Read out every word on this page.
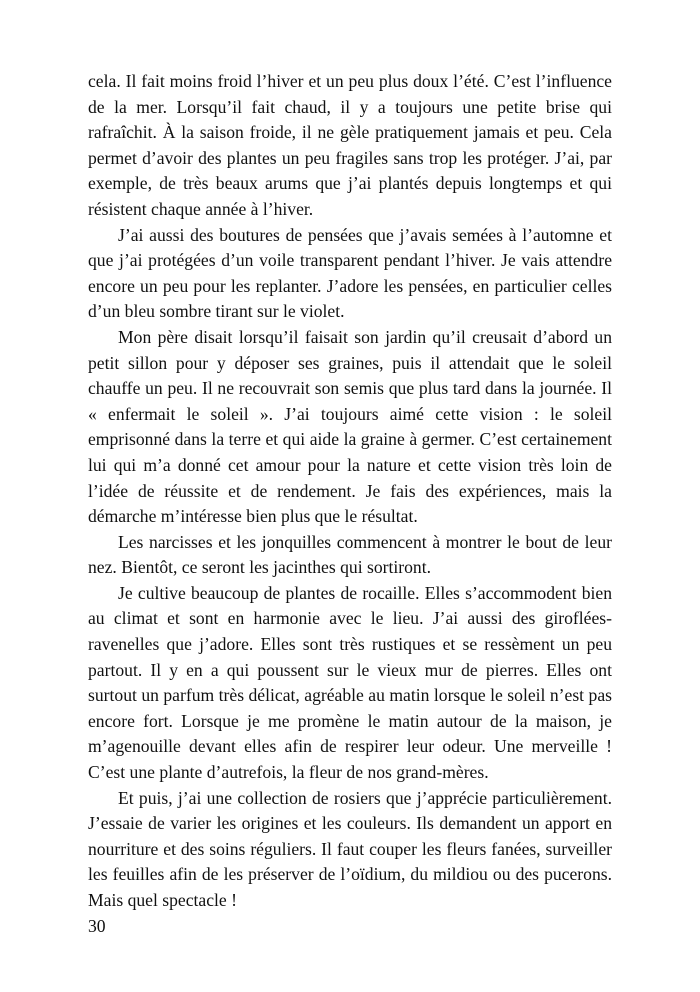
cela. Il fait moins froid l’hiver et un peu plus doux l’été. C’est l’influence de la mer. Lorsqu’il fait chaud, il y a toujours une petite brise qui rafraîchit. À la saison froide, il ne gèle pratiquement jamais et peu. Cela permet d’avoir des plantes un peu fragiles sans trop les protéger. J’ai, par exemple, de très beaux arums que j’ai plantés depuis longtemps et qui résistent chaque année à l’hiver.

J’ai aussi des boutures de pensées que j’avais semées à l’automne et que j’ai protégées d’un voile transparent pendant l’hiver. Je vais attendre encore un peu pour les replanter. J’adore les pensées, en particulier celles d’un bleu sombre tirant sur le violet.

Mon père disait lorsqu’il faisait son jardin qu’il creusait d’abord un petit sillon pour y déposer ses graines, puis il attendait que le soleil chauffe un peu. Il ne recouvrait son semis que plus tard dans la journée. Il « enfermait le soleil ». J’ai toujours aimé cette vision : le soleil emprisonné dans la terre et qui aide la graine à germer. C’est certainement lui qui m’a donné cet amour pour la nature et cette vision très loin de l’idée de réussite et de rendement. Je fais des expériences, mais la démarche m’intéresse bien plus que le résultat.

Les narcisses et les jonquilles commencent à montrer le bout de leur nez. Bientôt, ce seront les jacinthes qui sortiront.

Je cultive beaucoup de plantes de rocaille. Elles s’accommodent bien au climat et sont en harmonie avec le lieu. J’ai aussi des giroflées-ravenelles que j’adore. Elles sont très rustiques et se ressèment un peu partout. Il y en a qui poussent sur le vieux mur de pierres. Elles ont surtout un parfum très délicat, agréable au matin lorsque le soleil n’est pas encore fort. Lorsque je me promène le matin autour de la maison, je m’agenouille devant elles afin de respirer leur odeur. Une merveille ! C’est une plante d’autrefois, la fleur de nos grand-mères.

Et puis, j’ai une collection de rosiers que j’apprécie particulièrement. J’essaie de varier les origines et les couleurs. Ils demandent un apport en nourriture et des soins réguliers. Il faut couper les fleurs fanées, surveiller les feuilles afin de les préserver de l’oïdium, du mildiou ou des pucerons. Mais quel spectacle !

30
